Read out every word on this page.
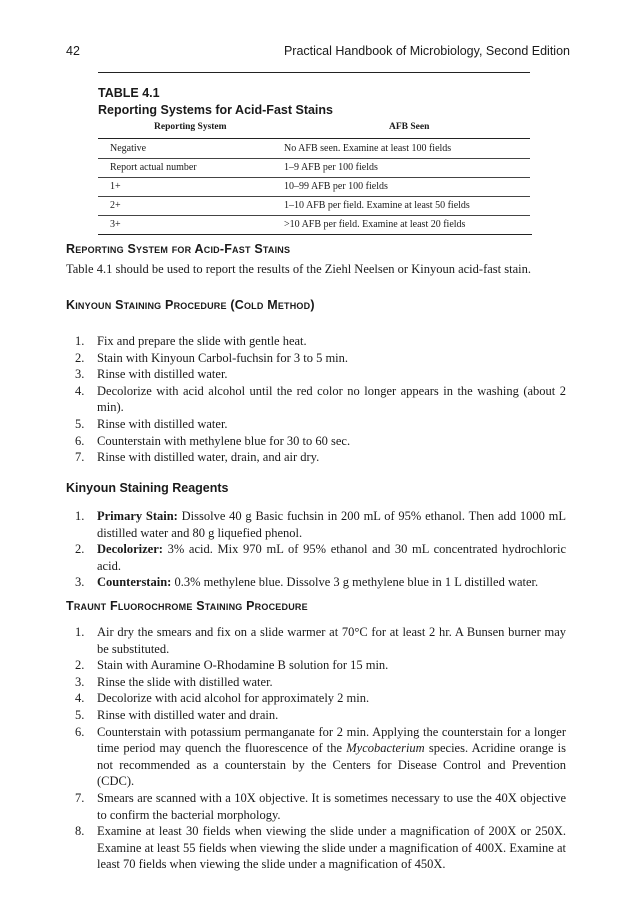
42	Practical Handbook of Microbiology, Second Edition
TABLE 4.1
Reporting Systems for Acid-Fast Stains
Reporting System	AFB Seen
Negative	No AFB seen. Examine at least 100 fields
Report actual number	1–9 AFB per 100 fields
1+	10–99 AFB per 100 fields
2+	1–10 AFB per field. Examine at least 50 fields
3+	>10 AFB per field. Examine at least 20 fields
Reporting System for Acid-Fast Stains
Table 4.1 should be used to report the results of the Ziehl Neelsen or Kinyoun acid-fast stain.
Kinyoun Staining Procedure (Cold Method)
1. Fix and prepare the slide with gentle heat.
2. Stain with Kinyoun Carbol-fuchsin for 3 to 5 min.
3. Rinse with distilled water.
4. Decolorize with acid alcohol until the red color no longer appears in the washing (about 2 min).
5. Rinse with distilled water.
6. Counterstain with methylene blue for 30 to 60 sec.
7. Rinse with distilled water, drain, and air dry.
Kinyoun Staining Reagents
1. Primary Stain: Dissolve 40 g Basic fuchsin in 200 mL of 95% ethanol. Then add 1000 mL distilled water and 80 g liquefied phenol.
2. Decolorizer: 3% acid. Mix 970 mL of 95% ethanol and 30 mL concentrated hydrochloric acid.
3. Counterstain: 0.3% methylene blue. Dissolve 3 g methylene blue in 1 L distilled water.
Traunt Fluorochrome Staining Procedure
1. Air dry the smears and fix on a slide warmer at 70°C for at least 2 hr. A Bunsen burner may be substituted.
2. Stain with Auramine O-Rhodamine B solution for 15 min.
3. Rinse the slide with distilled water.
4. Decolorize with acid alcohol for approximately 2 min.
5. Rinse with distilled water and drain.
6. Counterstain with potassium permanganate for 2 min. Applying the counterstain for a longer time period may quench the fluorescence of the Mycobacterium species. Acridine orange is not recommended as a counterstain by the Centers for Disease Control and Prevention (CDC).
7. Smears are scanned with a 10X objective. It is sometimes necessary to use the 40X objective to confirm the bacterial morphology.
8. Examine at least 30 fields when viewing the slide under a magnification of 200X or 250X. Examine at least 55 fields when viewing the slide under a magnification of 400X. Examine at least 70 fields when viewing the slide under a magnification of 450X.
